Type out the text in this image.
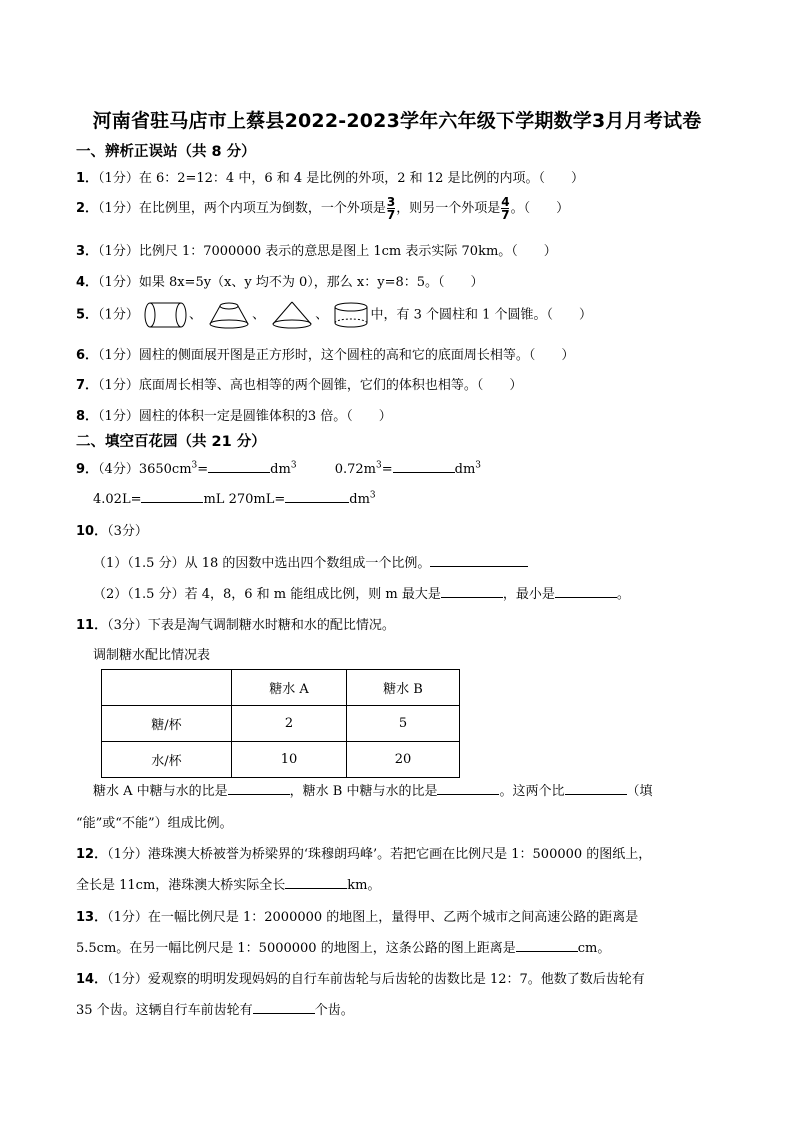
河南省驻马店市上蔡县2022-2023学年六年级下学期数学3月月考试卷
一、辨析正误站（共 8 分）
1．（1分）在 6：2=12：4 中，6 和 4 是比例的外项，2 和 12 是比例的内项。（　　）
2．（1分）在比例里，两个内项互为倒数，一个外项是 $\frac{3}{7}$ ，则另一个外项是 $\frac{4}{7}$ 。（　　）
3．（1分）比例尺 1：7000000 表示的意思是图上 1cm 表示实际 70km。（　　）
4．（1分）如果 8x=5y（x、y 均不为 0），那么 x：y=8：5。（　　）
5．（1分）	、	、	、	中，有 3 个圆柱和 1 个圆锥。（　　）
6．（1分）圆柱的侧面展开图是正方形时，这个圆柱的高和它的底面周长相等。（　　）
7．（1分）底面周长相等、高也相等的两个圆锥，它们的体积也相等。（　　）
8．（1分）圆柱的体积一定是圆锥体积的3 倍。（　　）
二、填空百花园（共 21 分）
9．（4分）$3650cm^3=$	$dm^3$	$0.72m^3=$	$dm^3$
4.02L=	mL 270mL=	$dm^3$
10．（3分）
（1）（1.5 分）从 18 的因数中选出四个数组成一个比例。
（2）（1.5 分）若 4，8，6 和 m 能组成比例，则 m 最大是	，最小是	。
11．（3分）下表是淘气调制糖水时糖和水的配比情况。
调制糖水配比情况表
	糖水 A	糖水 B
糖/杯	2	5
水/杯	10	20
糖水 A 中糖与水的比是	，糖水 B 中糖与水的比是	。这两个比	（填
“能”或“不能”）组成比例。
12．（1分）港珠澳大桥被誉为桥梁界的‘珠穆朗玛峰’。若把它画在比例尺是 1：500000 的图纸上，
全长是 11cm，港珠澳大桥实际全长	km。
13．（1分）在一幅比例尺是 1：2000000 的地图上，量得甲、乙两个城市之间高速公路的距离是
5.5cm。在另一幅比例尺是 1：5000000 的地图上，这条公路的图上距离是	cm。
14．（1分）爱观察的明明发现妈妈的自行车前齿轮与后齿轮的齿数比是 12：7。他数了数后齿轮有
35 个齿。这辆自行车前齿轮有	个齿。
